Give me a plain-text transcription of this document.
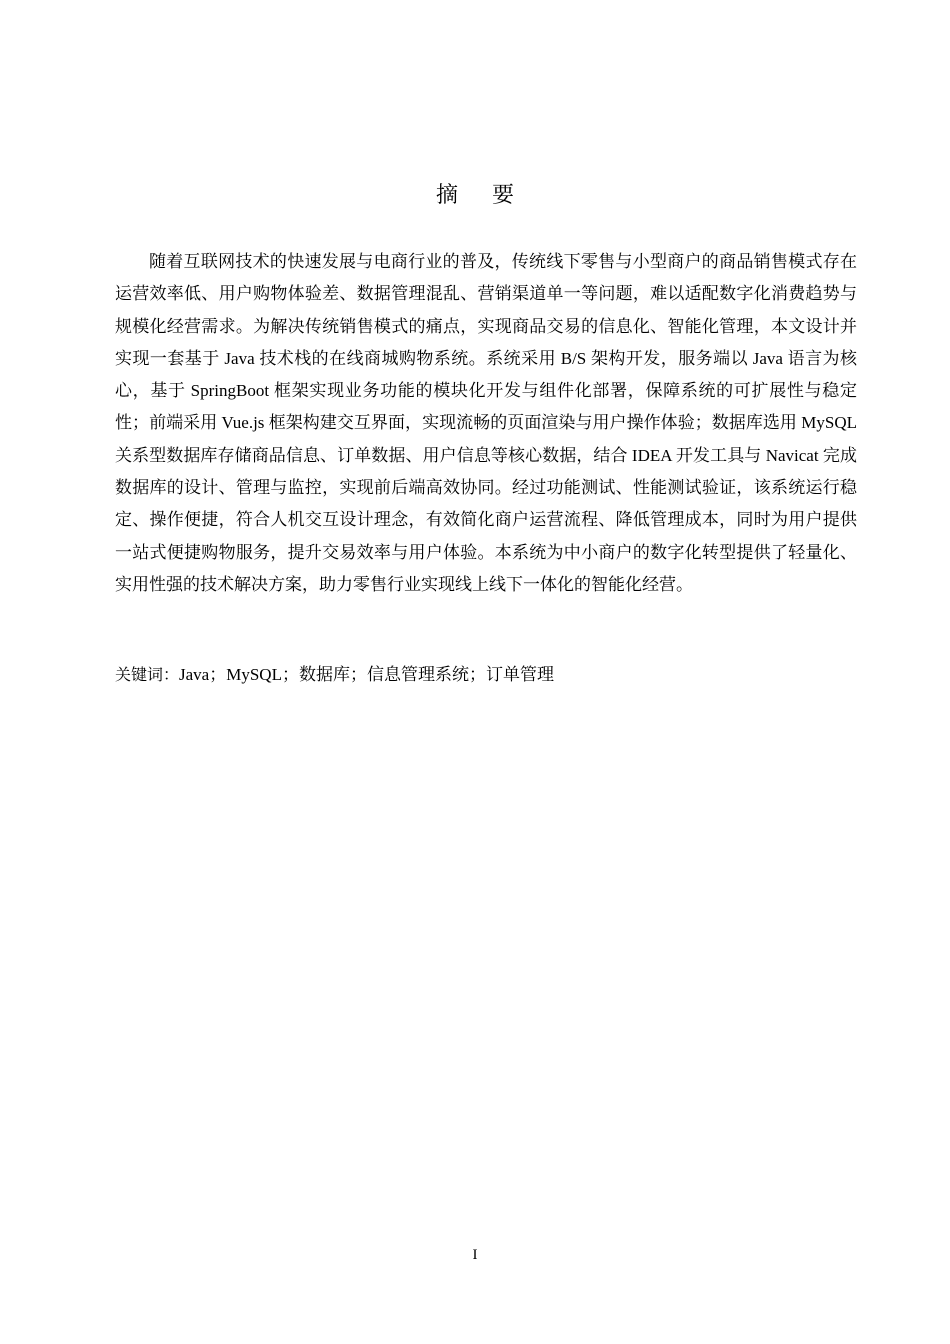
摘要

随着互联网技术的快速发展与电商行业的普及，传统线下零售与小型商户的商品销售模式存在运营效率低、用户购物体验差、数据管理混乱、营销渠道单一等问题，难以适配数字化消费趋势与规模化经营需求。为解决传统销售模式的痛点，实现商品交易的信息化、智能化管理，本文设计并实现一套基于 Java 技术栈的在线商城购物系统。系统采用 B/S 架构开发，服务端以 Java 语言为核心，基于 SpringBoot 框架实现业务功能的模块化开发与组件化部署，保障系统的可扩展性与稳定性；前端采用 Vue.js 框架构建交互界面，实现流畅的页面渲染与用户操作体验；数据库选用 MySQL 关系型数据库存储商品信息、订单数据、用户信息等核心数据，结合 IDEA 开发工具与 Navicat 完成数据库的设计、管理与监控，实现前后端高效协同。经过功能测试、性能测试验证，该系统运行稳定、操作便捷，符合人机交互设计理念，有效简化商户运营流程、降低管理成本，同时为用户提供一站式便捷购物服务，提升交易效率与用户体验。本系统为中小商户的数字化转型提供了轻量化、实用性强的技术解决方案，助力零售行业实现线上线下一体化的智能化经营。

关键词：Java；MySQL；数据库；信息管理系统；订单管理
I
